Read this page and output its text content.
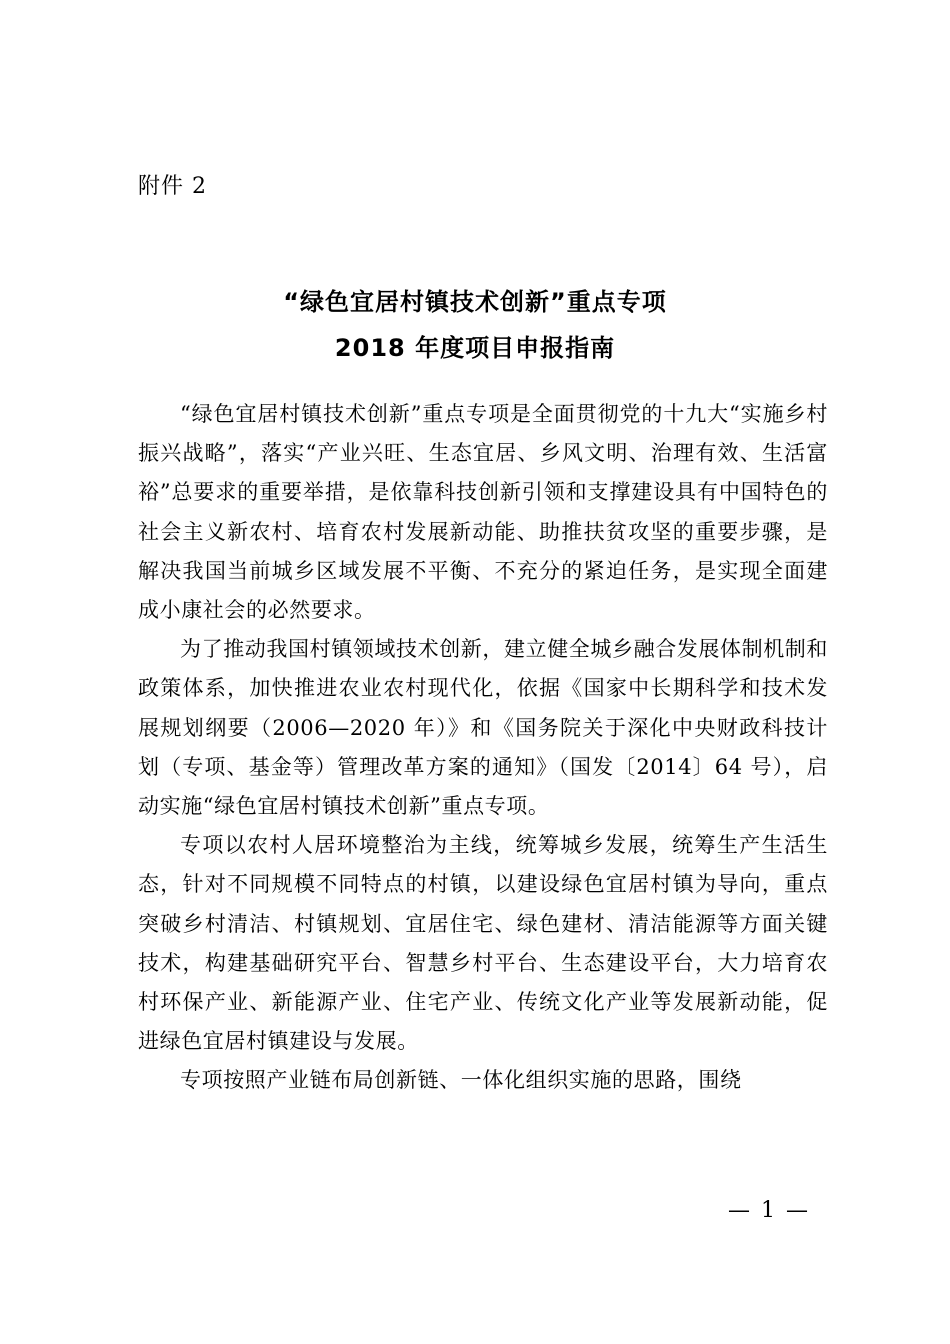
附件 2
“绿色宜居村镇技术创新”重点专项
2018 年度项目申报指南

“绿色宜居村镇技术创新”重点专项是全面贯彻党的十九大“实施乡村振兴战略”，落实“产业兴旺、生态宜居、乡风文明、治理有效、生活富裕”总要求的重要举措，是依靠科技创新引领和支撑建设具有中国特色的社会主义新农村、培育农村发展新动能、助推扶贫攻坚的重要步骤，是解决我国当前城乡区域发展不平衡、不充分的紧迫任务，是实现全面建成小康社会的必然要求。

为了推动我国村镇领域技术创新，建立健全城乡融合发展体制机制和政策体系，加快推进农业农村现代化，依据《国家中长期科学和技术发展规划纲要（2006—2020 年）》和《国务院关于深化中央财政科技计划（专项、基金等）管理改革方案的通知》（国发〔2014〕64 号），启动实施“绿色宜居村镇技术创新”重点专项。

专项以农村人居环境整治为主线，统筹城乡发展，统筹生产生活生态，针对不同规模不同特点的村镇，以建设绿色宜居村镇为导向，重点突破乡村清洁、村镇规划、宜居住宅、绿色建材、清洁能源等方面关键技术，构建基础研究平台、智慧乡村平台、生态建设平台，大力培育农村环保产业、新能源产业、住宅产业、传统文化产业等发展新动能，促进绿色宜居村镇建设与发展。

专项按照产业链布局创新链、一体化组织实施的思路，围绕

— 1 —
